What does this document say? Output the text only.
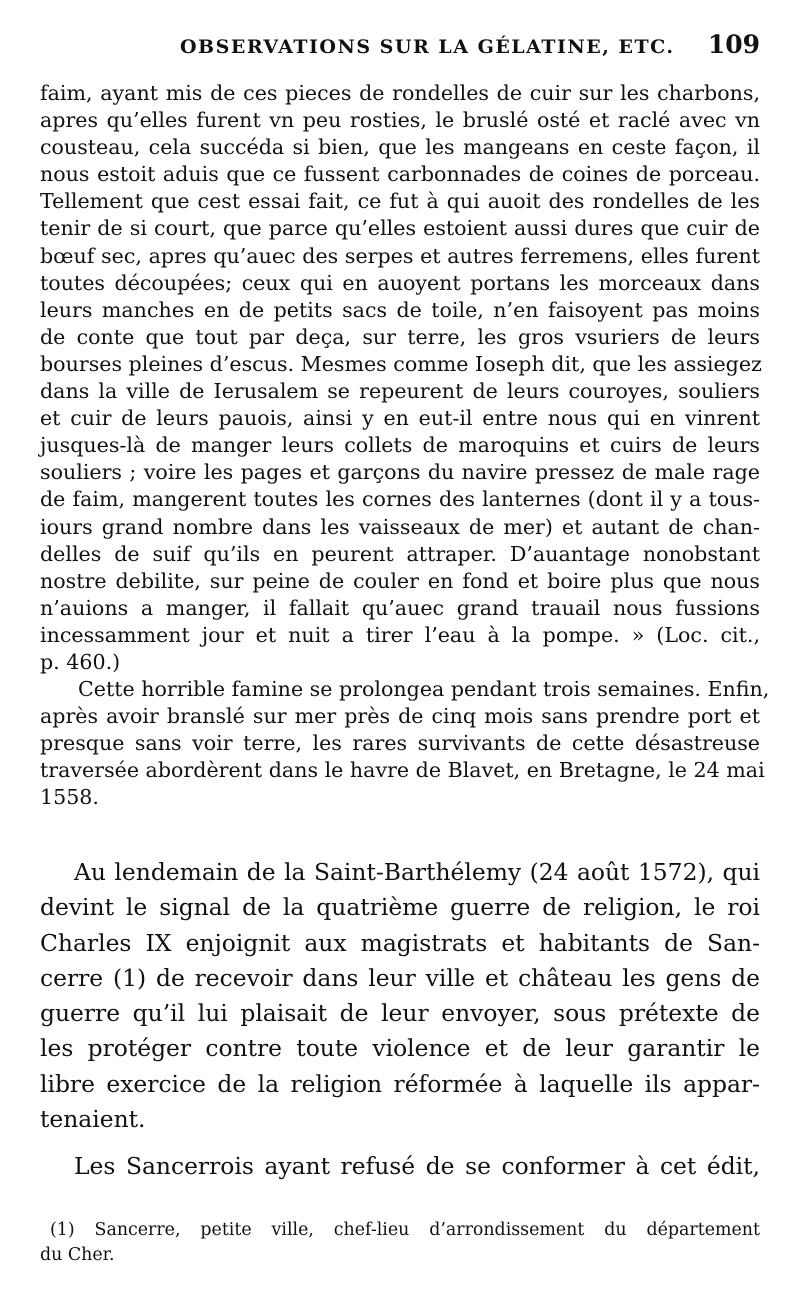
OBSERVATIONS SUR LA GÉLATINE, ETC. 109
faim, ayant mis de ces pieces de rondelles de cuir sur les charbons,
apres qu’elles furent vn peu rosties, le bruslé osté et raclé avec vn
cousteau, cela succéda si bien, que les mangeans en ceste façon, il
nous estoit aduis que ce fussent carbonnades de coines de porceau.
Tellement que cest essai fait, ce fut à qui auoit des rondelles de les
tenir de si court, que parce qu’elles estoient aussi dures que cuir de
bœuf sec, apres qu’auec des serpes et autres ferremens, elles furent
toutes découpées; ceux qui en auoyent portans les morceaux dans
leurs manches en de petits sacs de toile, n’en faisoyent pas moins
de conte que tout par deça, sur terre, les gros vsuriers de leurs
bourses pleines d’escus. Mesmes comme Ioseph dit, que les assiegez
dans la ville de Ierusalem se repeurent de leurs couroyes, souliers
et cuir de leurs pauois, ainsi y en eut-il entre nous qui en vinrent
jusques-là de manger leurs collets de maroquins et cuirs de leurs
souliers ; voire les pages et garçons du navire pressez de male rage
de faim, mangerent toutes les cornes des lanternes (dont il y a tous-
iours grand nombre dans les vaisseaux de mer) et autant de chan-
delles de suif qu’ils en peurent attraper. D’auantage nonobstant
nostre debilite, sur peine de couler en fond et boire plus que nous
n’auions a manger, il fallait qu’auec grand trauail nous fussions
incessamment jour et nuit a tirer l’eau à la pompe. » (Loc. cit.,
p. 460.)
Cette horrible famine se prolongea pendant trois semaines. Enfin,
après avoir branslé sur mer près de cinq mois sans prendre port et
presque sans voir terre, les rares survivants de cette désastreuse
traversée abordèrent dans le havre de Blavet, en Bretagne, le 24 mai
1558.
Au lendemain de la Saint-Barthélemy (24 août 1572), qui
devint le signal de la quatrième guerre de religion, le roi
Charles IX enjoignit aux magistrats et habitants de San-
cerre (1) de recevoir dans leur ville et château les gens de
guerre qu’il lui plaisait de leur envoyer, sous prétexte de
les protéger contre toute violence et de leur garantir le
libre exercice de la religion réformée à laquelle ils appar-
tenaient.
Les Sancerrois ayant refusé de se conformer à cet édit,
(1) Sancerre, petite ville, chef-lieu d’arrondissement du département
du Cher.
